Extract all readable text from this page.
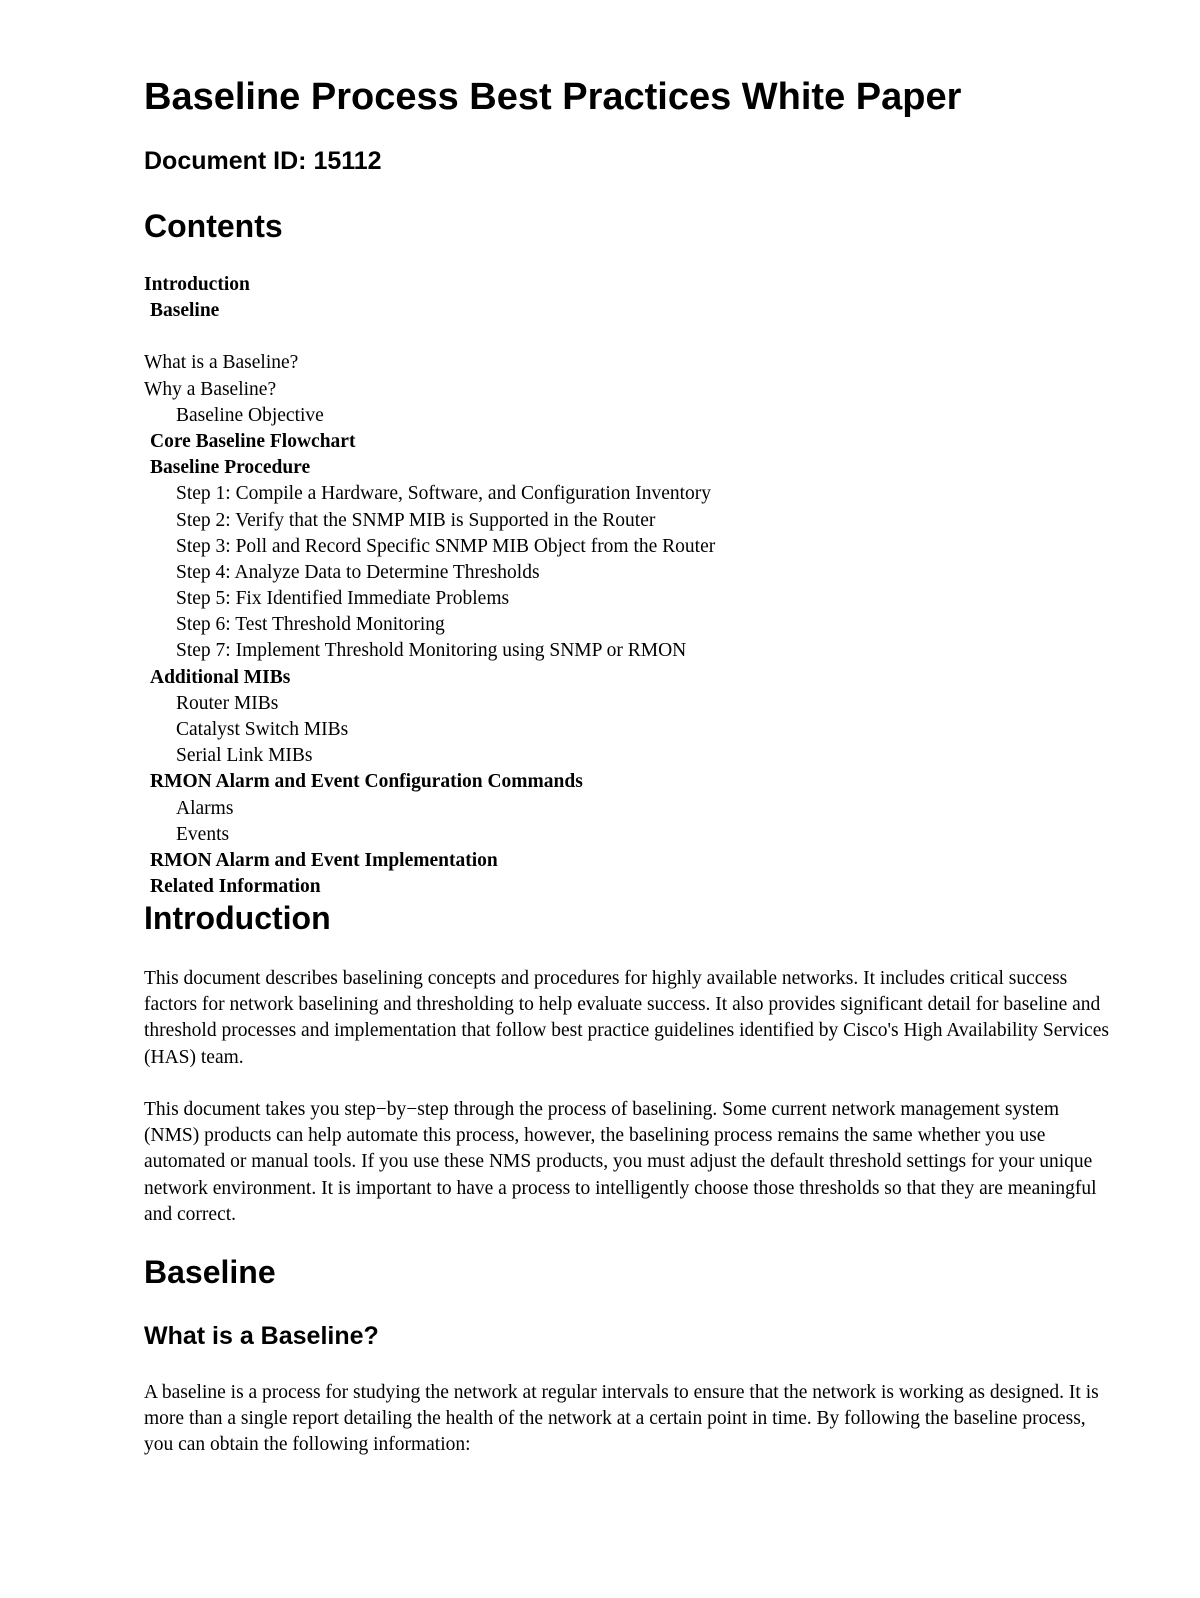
Baseline Process Best Practices White Paper
Document ID: 15112
Contents
Introduction
Baseline
What is a Baseline?
Why a Baseline?
Baseline Objective
Core Baseline Flowchart
Baseline Procedure
Step 1: Compile a Hardware, Software, and Configuration Inventory
Step 2: Verify that the SNMP MIB is Supported in the Router
Step 3: Poll and Record Specific SNMP MIB Object from the Router
Step 4: Analyze Data to Determine Thresholds
Step 5: Fix Identified Immediate Problems
Step 6: Test Threshold Monitoring
Step 7: Implement Threshold Monitoring using SNMP or RMON
Additional MIBs
Router MIBs
Catalyst Switch MIBs
Serial Link MIBs
RMON Alarm and Event Configuration Commands
Alarms
Events
RMON Alarm and Event Implementation
Related Information
Introduction

This document describes baselining concepts and procedures for highly available networks. It includes critical success factors for network baselining and thresholding to help evaluate success. It also provides significant detail for baseline and threshold processes and implementation that follow best practice guidelines identified by Cisco's High Availability Services (HAS) team.

This document takes you step−by−step through the process of baselining. Some current network management system (NMS) products can help automate this process, however, the baselining process remains the same whether you use automated or manual tools. If you use these NMS products, you must adjust the default threshold settings for your unique network environment. It is important to have a process to intelligently choose those thresholds so that they are meaningful and correct.

Baseline
What is a Baseline?

A baseline is a process for studying the network at regular intervals to ensure that the network is working as designed. It is more than a single report detailing the health of the network at a certain point in time. By following the baseline process, you can obtain the following information:
